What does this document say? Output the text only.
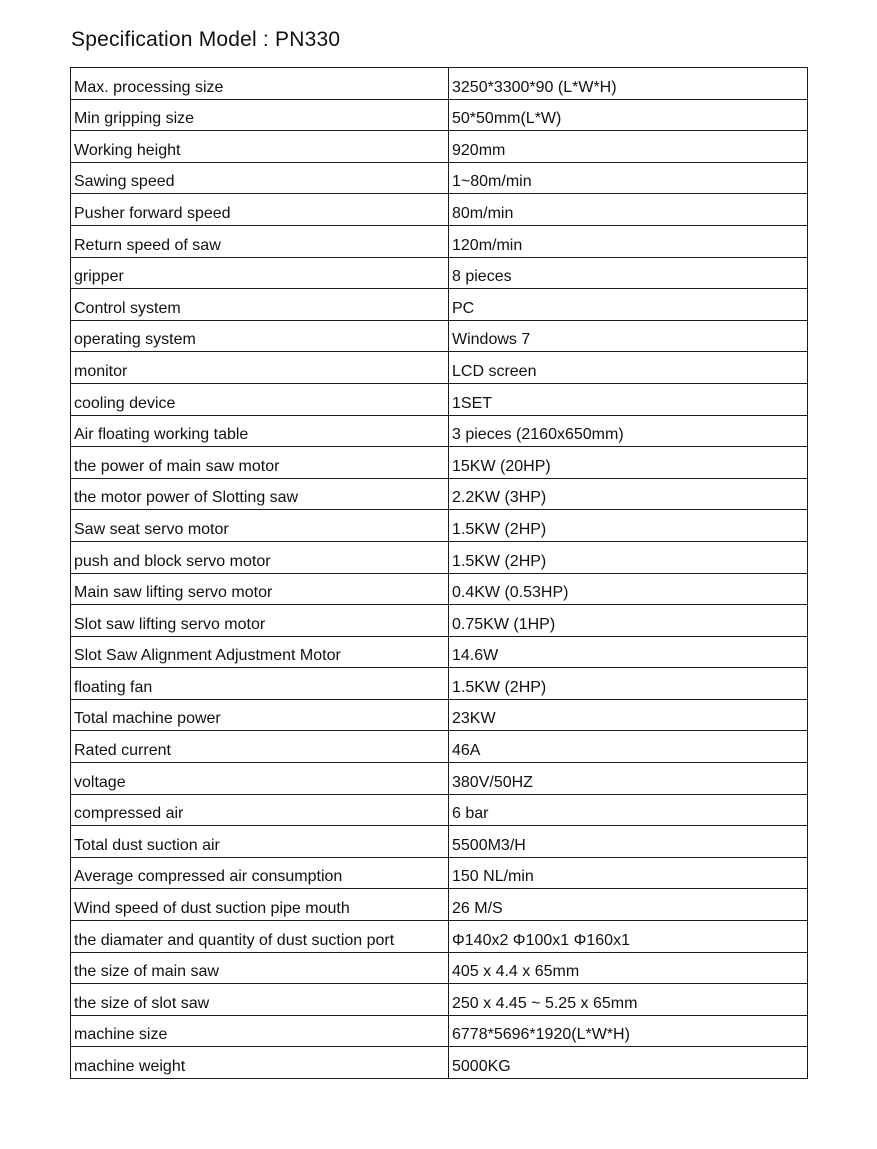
Specification Model : PN330
Max. processing size	3250*3300*90 (L*W*H)
Min gripping size	50*50mm(L*W)
Working height	920mm
Sawing speed	1~80m/min
Pusher forward speed	80m/min
Return speed of saw	120m/min
gripper	8 pieces
Control system	PC
operating system	Windows 7
monitor	LCD screen
cooling device	1SET
Air floating working table	3 pieces (2160x650mm)
the power of main saw motor	15KW (20HP)
the motor power of Slotting saw	2.2KW (3HP)
Saw seat servo motor	1.5KW (2HP)
push and block servo motor	1.5KW (2HP)
Main saw lifting servo motor	0.4KW (0.53HP)
Slot saw lifting servo motor	0.75KW (1HP)
Slot Saw Alignment Adjustment Motor	14.6W
floating fan	1.5KW (2HP)
Total machine power	23KW
Rated current	46A
voltage	380V/50HZ
compressed air	6 bar
Total dust suction air	5500M3/H
Average compressed air consumption	150 NL/min
Wind speed of dust suction pipe mouth	26 M/S
the diamater and quantity of dust suction port	Φ140x2 Φ100x1 Φ160x1
the size of main saw	405 x 4.4 x 65mm
the size of slot saw	250 x 4.45 ~ 5.25 x 65mm
machine size	6778*5696*1920(L*W*H)
machine weight	5000KG
